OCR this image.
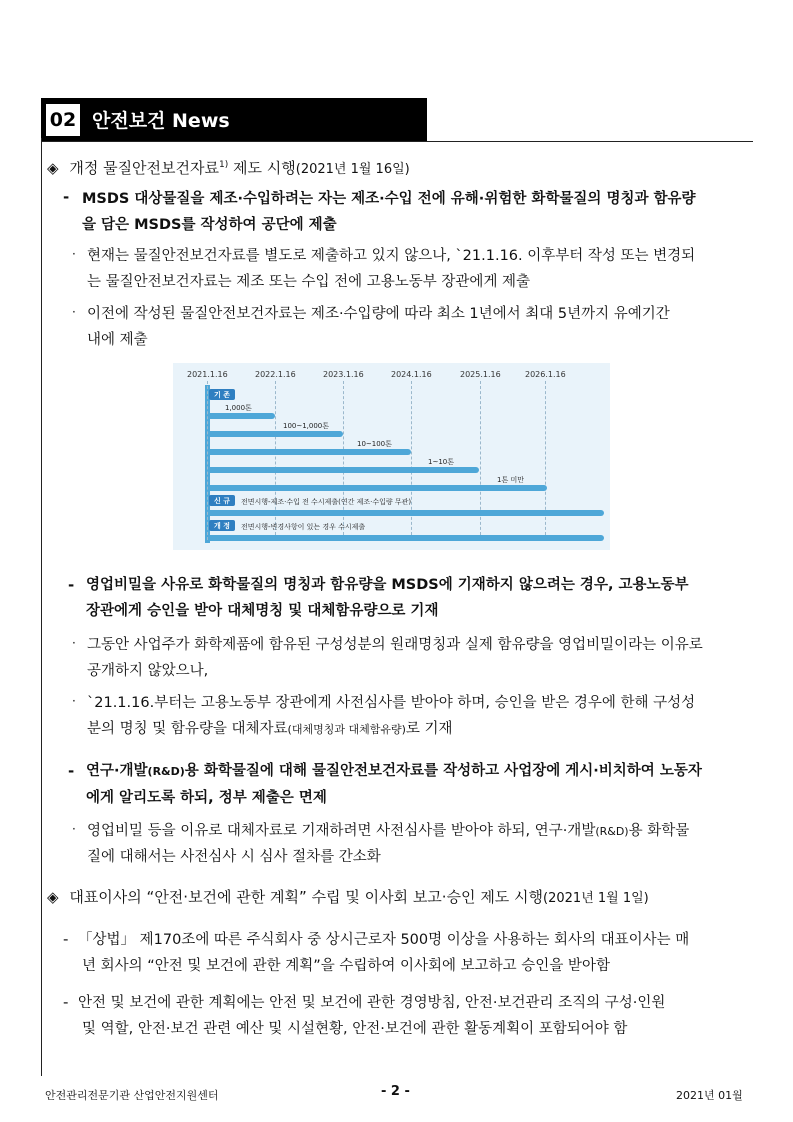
02 안전보건 News
◈ 개정 물질안전보건자료$^{1)}$ 제도 시행(2021년 1월 16일)
- MSDS 대상물질을 제조·수입하려는 자는 제조·수입 전에 유해·위험한 화학물질의 명칭과 함유량
을 담은 MSDS를 작성하여 공단에 제출
· 현재는 물질안전보건자료를 별도로 제출하고 있지 않으나, `21.1.16. 이후부터 작성 또는 변경되
는 물질안전보건자료는 제조 또는 수입 전에 고용노동부 장관에게 제출
· 이전에 작성된 물질안전보건자료는 제조·수입량에 따라 최소 1년에서 최대 5년까지 유예기간
내에 제출
2021.1.16	2022.1.16	2023.1.16	2024.1.16	2025.1.16	2026.1.16
기 존
1,000톤
100~1,000톤
10~100톤
1~10톤
1톤 미만
신 규	전면시행-제조·수입 전 수시제출(연간 제조·수입량 무관)
개 정	전면시행-변경사항이 있는 경우 수시제출
- 영업비밀을 사유로 화학물질의 명칭과 함유량을 MSDS에 기재하지 않으려는 경우, 고용노동부
장관에게 승인을 받아 대체명칭 및 대체함유량으로 기재
· 그동안 사업주가 화학제품에 함유된 구성성분의 원래명칭과 실제 함유량을 영업비밀이라는 이유로
공개하지 않았으나,
· `21.1.16.부터는 고용노동부 장관에게 사전심사를 받아야 하며, 승인을 받은 경우에 한해 구성성
분의 명칭 및 함유량을 대체자료(대체명칭과 대체함유량)로 기재
- 연구·개발(R&D)용 화학물질에 대해 물질안전보건자료를 작성하고 사업장에 게시·비치하여 노동자
에게 알리도록 하되, 정부 제출은 면제
· 영업비밀 등을 이유로 대체자료로 기재하려면 사전심사를 받아야 하되, 연구·개발(R&D)용 화학물
질에 대해서는 사전심사 시 심사 절차를 간소화
◈ 대표이사의 “안전·보건에 관한 계획” 수립 및 이사회 보고·승인 제도 시행(2021년 1월 1일)
- 「상법」 제170조에 따른 주식회사 중 상시근로자 500명 이상을 사용하는 회사의 대표이사는 매
년 회사의 “안전 및 보건에 관한 계획”을 수립하여 이사회에 보고하고 승인을 받아함
- 안전 및 보건에 관한 계획에는 안전 및 보건에 관한 경영방침, 안전·보건관리 조직의 구성·인원
및 역할, 안전·보건 관련 예산 및 시설현황, 안전·보건에 관한 활동계획이 포함되어야 함
안전관리전문기관 산업안전지원센터	- 2 -	2021년 01월
